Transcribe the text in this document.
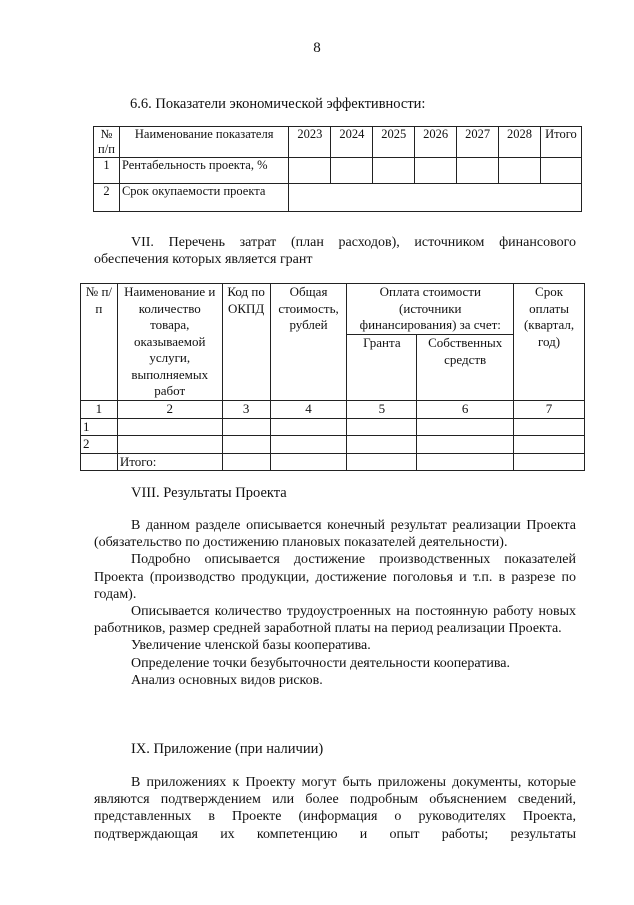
8
6.6. Показатели экономической эффективности:
№ п/п	Наименование показателя	2023	2024	2025	2026	2027	2028	Итого
1	Рентабельность проекта, %							
2	Срок окупаемости проекта							

VII. Перечень затрат (план расходов), источником финансового

обеспечения которых является грант

№ п/п	Наименование и количество товара, оказываемой услуги, выполняемых работ	Код по ОКПД	Общая стоимость, рублей	Оплата стоимости (источники финансирования) за счет:		Срок оплаты (квартал, год)
				Гранта	Собственных средств	
1	2	3	4	5	6	7
1						
2						
	Итого:					
VIII. Результаты Проекта

В данном разделе описывается конечный результат реализации Проекта (обязательство по достижению плановых показателей деятельности).

Подробно описывается достижение производственных показателей Проекта (производство продукции, достижение поголовья и т.п. в разрезе по годам).

Описывается количество трудоустроенных на постоянную работу новых работников, размер средней заработной платы на период реализации Проекта.

Увеличение членской базы кооператива.

Определение точки безубыточности деятельности кооператива.

Анализ основных видов рисков.

IX. Приложение (при наличии)

В приложениях к Проекту могут быть приложены документы, которые являются подтверждением или более подробным объяснением сведений, представленных в Проекте (информация о руководителях Проекта, подтверждающая их компетенцию и опыт работы; результаты
